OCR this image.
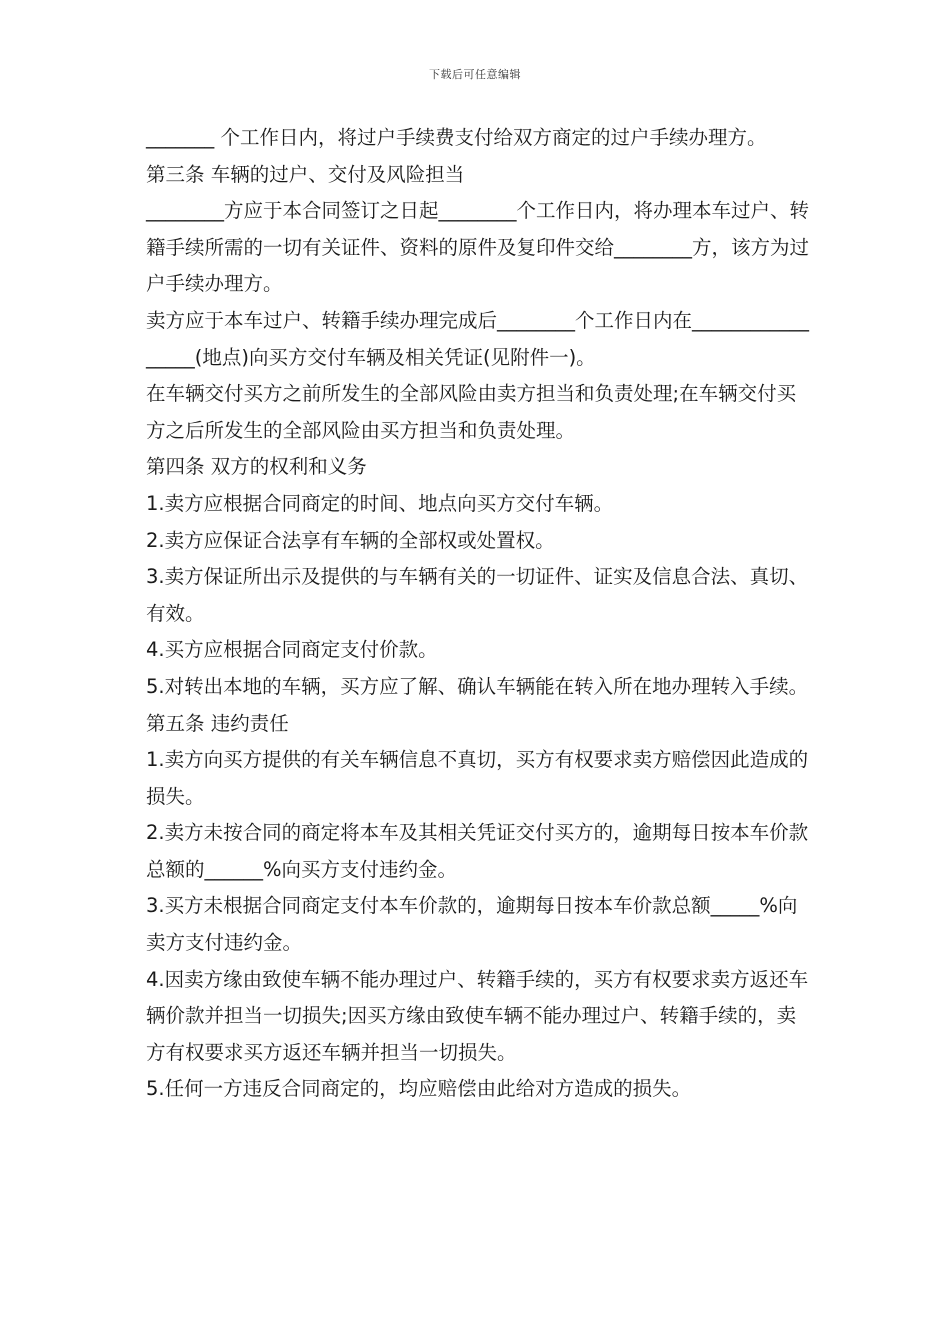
下载后可任意编辑

_______ 个工作日内，将过户手续费支付给双方商定的过户手续办理方。

第三条 车辆的过户、交付及风险担当

________方应于本合同签订之日起________个工作日内，将办理本车过户、转籍手续所需的一切有关证件、资料的原件及复印件交给________方，该方为过户手续办理方。

卖方应于本车过户、转籍手续办理完成后________个工作日内在_________________(地点)向买方交付车辆及相关凭证(见附件一)。

在车辆交付买方之前所发生的全部风险由卖方担当和负责处理;在车辆交付买方之后所发生的全部风险由买方担当和负责处理。

第四条 双方的权利和义务

1.卖方应根据合同商定的时间、地点向买方交付车辆。

2.卖方应保证合法享有车辆的全部权或处置权。

3.卖方保证所出示及提供的与车辆有关的一切证件、证实及信息合法、真切、有效。

4.买方应根据合同商定支付价款。

5.对转出本地的车辆，买方应了解、确认车辆能在转入所在地办理转入手续。

第五条 违约责任

1.卖方向买方提供的有关车辆信息不真切，买方有权要求卖方赔偿因此造成的损失。

2.卖方未按合同的商定将本车及其相关凭证交付买方的，逾期每日按本车价款总额的______%向买方支付违约金。

3.买方未根据合同商定支付本车价款的，逾期每日按本车价款总额_____%向卖方支付违约金。

4.因卖方缘由致使车辆不能办理过户、转籍手续的，买方有权要求卖方返还车辆价款并担当一切损失;因买方缘由致使车辆不能办理过户、转籍手续的，卖方有权要求买方返还车辆并担当一切损失。

5.任何一方违反合同商定的，均应赔偿由此给对方造成的损失。
